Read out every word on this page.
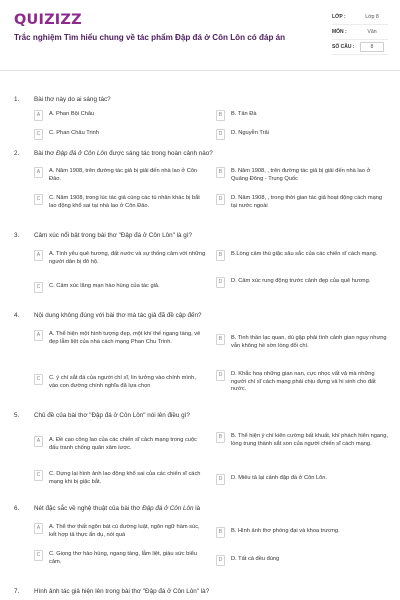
QUIZIZZ
Trắc nghiệm Tìm hiểu chung về tác phẩm Đập đá ở Côn Lôn có đáp án
LỚP :	Lớp 8
MÔN :	Văn
SỐ CÂU :	8
1. Bài thơ này do ai sáng tác?
A	A. Phan Bội Châu	B	B. Tản Đà
C	C. Phan Châu Trinh	D	D. Nguyễn Trãi
2. Bài thơ Đập đá ở Côn Lôn được sáng tác trong hoàn cảnh nào?
A	A. Năm 1908, trên đường tác giả bị giải đến nhà lao ở Côn Đảo.
B	B. Năm 1908, , trên đường tác giả bị giải đến nhà lao ở Quảng Đông - Trung Quốc
C	C. Năm 1908, trong lúc tác giả cùng các tù nhân khác bị bắt lao động khổ sai tại nhà lao ở Côn Đảo.
D	D. Năm 1908, , trong thời gian tác giả hoạt động cách mạng tại nước ngoài
3. Cảm xúc nổi bật trong bài thơ "Đập đá ở Côn Lôn" là gì?
A	A. Tình yêu quê hương, đất nước và sự thống cảm với những người dân bị đô hộ.
B	B.Lòng cảm thù giặc sâu sắc của các chiến sĩ cách mạng.
C	C. Cảm xúc lãng mạn hào hùng của tác giả.
D	D. Cảm xúc rung động trước cảnh đẹp của quê hương.
4. Nội dung không đúng với bài thơ mà tác giả đã đề cập đến?
A	A. Thể hiện một hình tượng đẹp, một khí thế ngang tàng, vẻ đẹp lẫm liệt của nhà cách mạng Phan Chu Trinh.	B	B. Tinh thần lạc quan, dù gặp phải tình cảnh gian nguy nhưng vẫn không hề sờn lòng đổi chí.
C	C. ý chí sắt đá của người chí sĩ, lin tưởng vào chính mình, vào con đường chính nghĩa đã lựa chọn
D	D. Khắc hoạ những gian nan, cực nhọc vất vả mà những người chí sĩ cách mạng phải chịu đựng và hi sinh cho đất nước.
5. Chủ đề của bài thơ "Đập đá ở Côn Lôn" nói lên điều gì?
A	A. Đề cao công lao của các chiến sĩ cách mạng trong cuộc đấu tranh chống quân xâm lược.
B	B. Thể hiện ý chí kiên cường bất khuất, khí phách hiên ngang, lòng trung thành sắt son của người chiến sĩ cách mạng.
C	C. Dựng lại hình ảnh lao động khổ sai của các chiến sĩ cách mạng khi bị giặc bắt.	D	D. Miêu tả lại cảnh đập đá ở Côn Lôn.
6. Nét đặc sắc về nghệ thuật của bài thơ Đập đá ở Côn Lôn là
A	A. Thể thơ thất ngôn bát cú đường luật, ngôn ngữ hàm súc, kết hợp tả thực ẩn dụ, nói quá	B	B. Hình ảnh thơ phóng đại và khoa trương.
C	C. Giọng thơ hào hùng, ngang tàng, lẫm liệt, giàu sức biểu cảm.	D	D. Tất cả đều đúng
7. Hình ảnh tác giả hiện lên trong bài thơ "Đập đá ở Côn Lôn" là?
